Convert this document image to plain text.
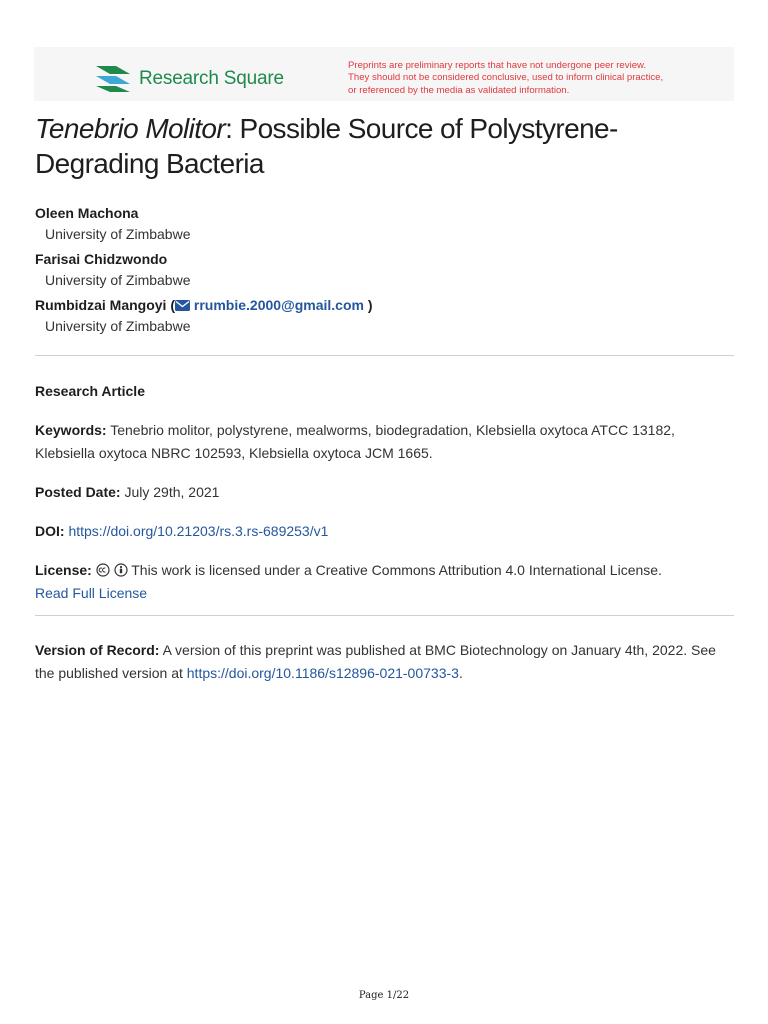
Research Square
Preprints are preliminary reports that have not undergone peer review.
They should not be considered conclusive, used to inform clinical practice,
or referenced by the media as validated information.
Tenebrio Molitor: Possible Source of Polystyrene-Degrading Bacteria
Oleen Machona
University of Zimbabwe
Farisai Chidzwondo
University of Zimbabwe
Rumbidzai Mangoyi ( rrumbie.2000@gmail.com )
University of Zimbabwe
Research Article
Keywords: Tenebrio molitor, polystyrene, mealworms, biodegradation, Klebsiella oxytoca ATCC 13182, Klebsiella oxytoca NBRC 102593, Klebsiella oxytoca JCM 1665.
Posted Date: July 29th, 2021
DOI: https://doi.org/10.21203/rs.3.rs-689253/v1
License:	This work is licensed under a Creative Commons Attribution 4.0 International License.
Read Full License
Version of Record: A version of this preprint was published at BMC Biotechnology on January 4th, 2022. See the published version at https://doi.org/10.1186/s12896-021-00733-3.
Page 1/22
